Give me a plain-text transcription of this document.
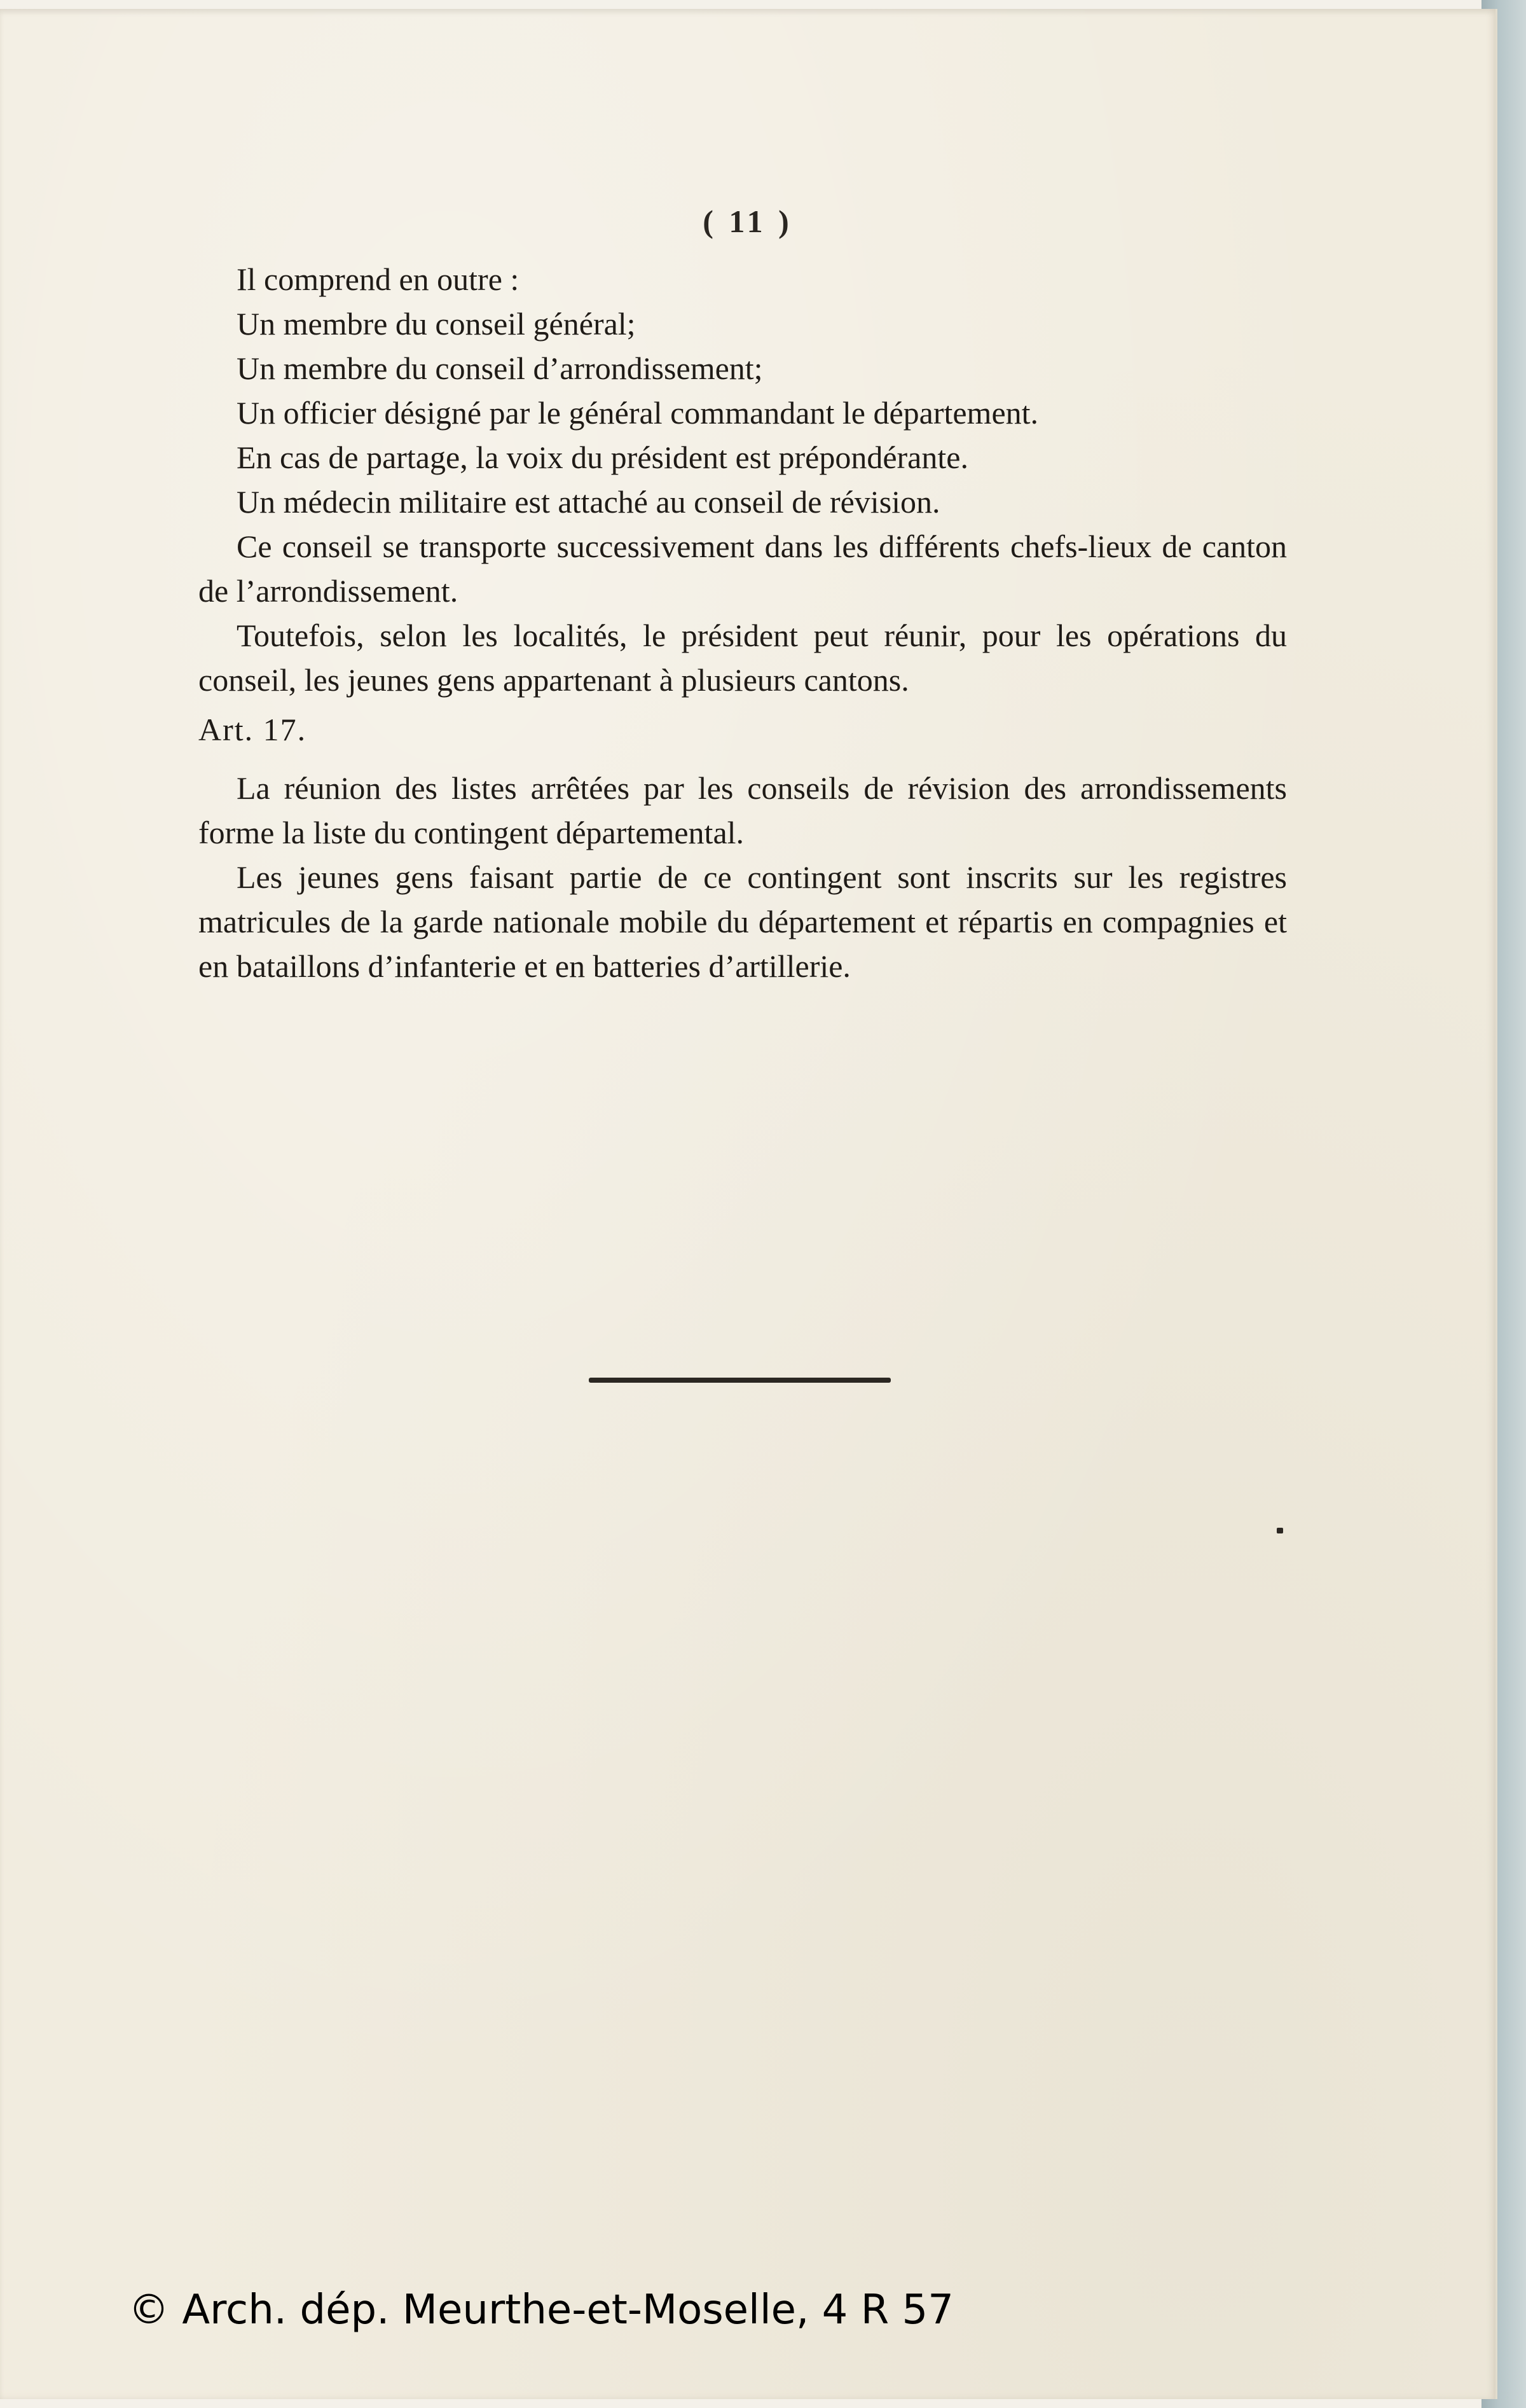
( 11 )

Il comprend en outre :

Un membre du conseil général;

Un membre du conseil d’arrondissement;

Un officier désigné par le général commandant le département.

En cas de partage, la voix du président est prépondérante.

Un médecin militaire est attaché au conseil de révision.

Ce conseil se transporte successivement dans les différents chefs-lieux de canton de l’arrondissement.

Toutefois, selon les localités, le président peut réunir, pour les opérations du conseil, les jeunes gens appartenant à plusieurs cantons.

Art. 17.

La réunion des listes arrêtées par les conseils de révision des arrondissements forme la liste du contingent départemental.

Les jeunes gens faisant partie de ce contingent sont inscrits sur les registres matricules de la garde nationale mobile du département et répartis en compagnies et en bataillons d’infanterie et en batteries d’artillerie.

© Arch. dép. Meurthe-et-Moselle, 4 R 57
